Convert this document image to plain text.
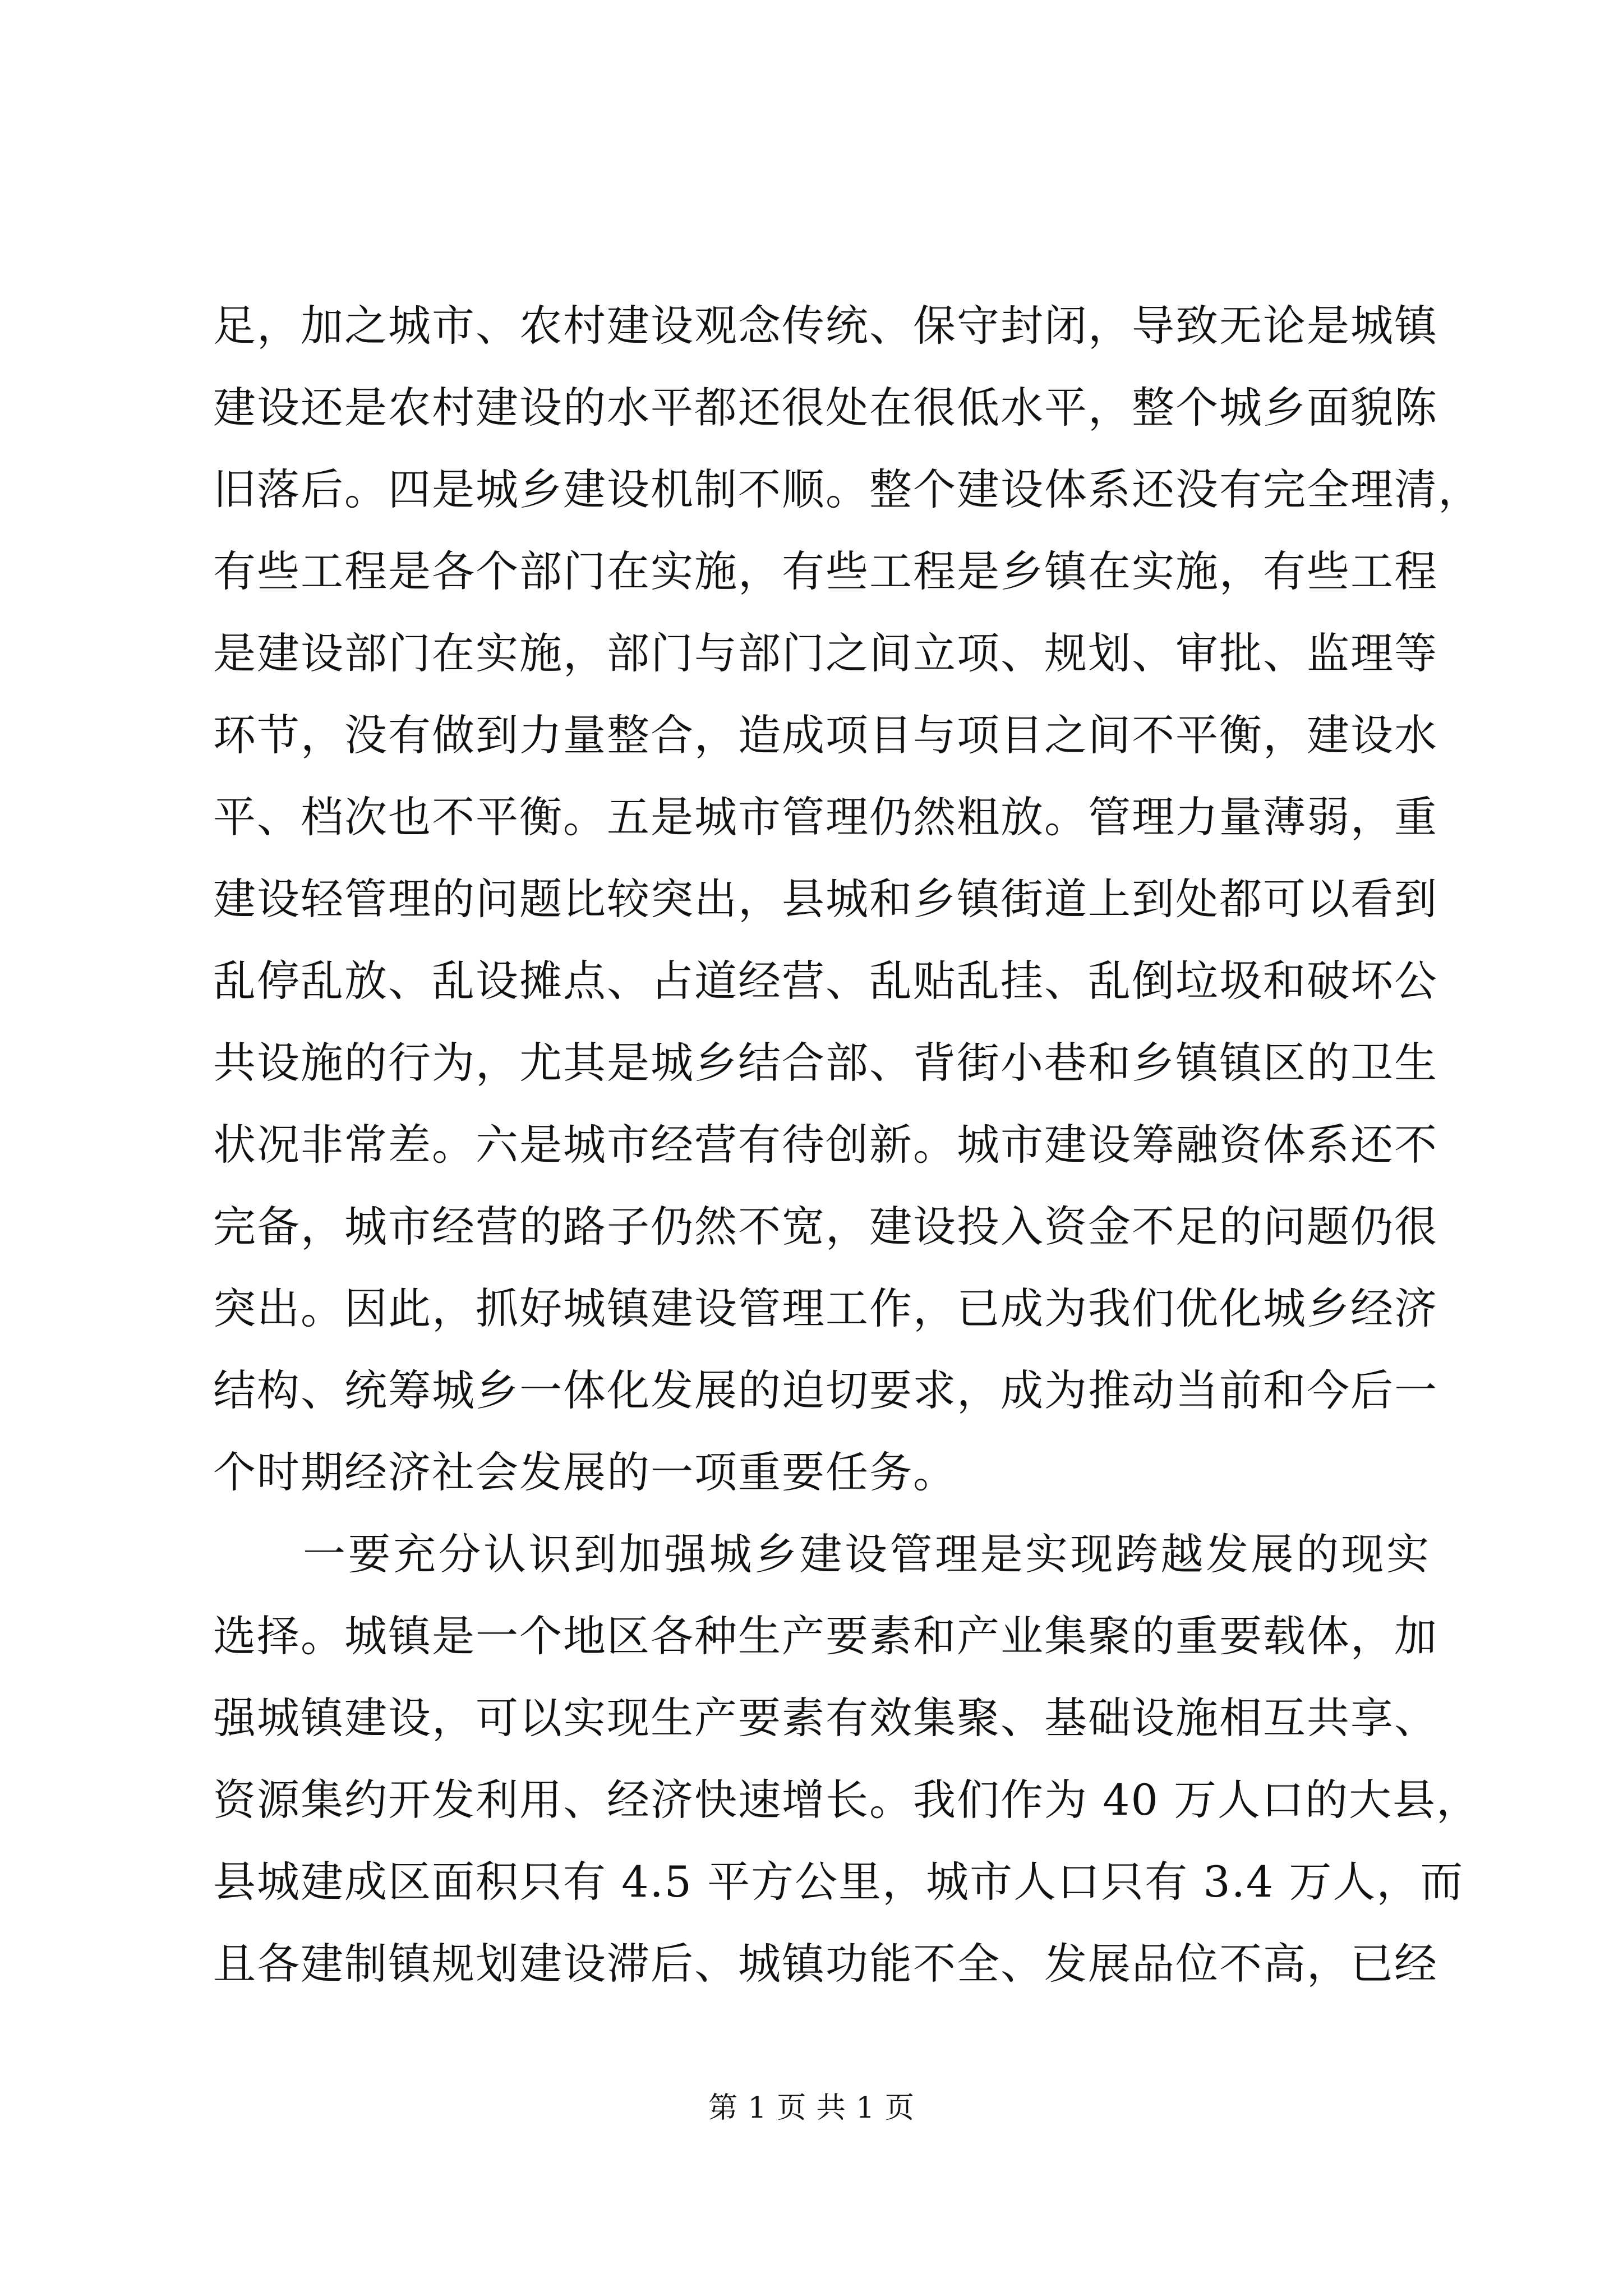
足，加之城市、农村建设观念传统、保守封闭，导致无论是城镇
建设还是农村建设的水平都还很处在很低水平，整个城乡面貌陈
旧落后。四是城乡建设机制不顺。整个建设体系还没有完全理清，
有些工程是各个部门在实施，有些工程是乡镇在实施，有些工程
是建设部门在实施，部门与部门之间立项、规划、审批、监理等
环节，没有做到力量整合，造成项目与项目之间不平衡，建设水
平、档次也不平衡。五是城市管理仍然粗放。管理力量薄弱，重
建设轻管理的问题比较突出，县城和乡镇街道上到处都可以看到
乱停乱放、乱设摊点、占道经营、乱贴乱挂、乱倒垃圾和破坏公
共设施的行为，尤其是城乡结合部、背街小巷和乡镇镇区的卫生
状况非常差。六是城市经营有待创新。城市建设筹融资体系还不
完备，城市经营的路子仍然不宽，建设投入资金不足的问题仍很
突出。因此，抓好城镇建设管理工作，已成为我们优化城乡经济
结构、统筹城乡一体化发展的迫切要求，成为推动当前和今后一
个时期经济社会发展的一项重要任务。
一要充分认识到加强城乡建设管理是实现跨越发展的现实
选择。城镇是一个地区各种生产要素和产业集聚的重要载体，加
强城镇建设，可以实现生产要素有效集聚、基础设施相互共享、
资源集约开发利用、经济快速增长。我们作为 40 万人口的大县，
县城建成区面积只有 4.5 平方公里，城市人口只有 3.4 万人，而
且各建制镇规划建设滞后、城镇功能不全、发展品位不高，已经
第 1 页 共 1 页
